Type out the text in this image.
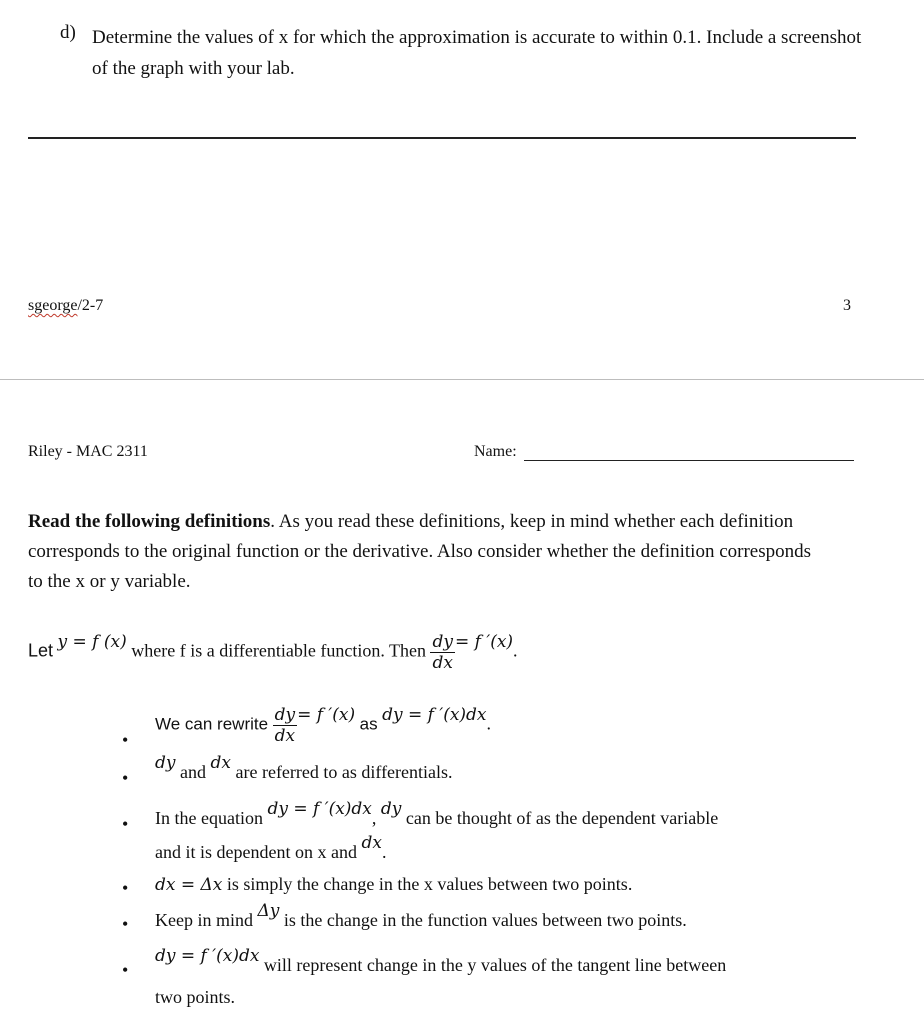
d) Determine the values of x for which the approximation is accurate to within 0.1. Include a screenshot of the graph with your lab.
sgeorge/2-7	3
Riley - MAC 2311	Name:
Read the following definitions. As you read these definitions, keep in mind whether each definition corresponds to the original function or the derivative. Also consider whether the definition corresponds to the x or y variable.
Let y = f (x) where f is a differentiable function. Then $\frac{dy}{dx} = f$ ′(x).
•
We can rewrite $\frac{dy}{dx} = f$ ′(x) as dy = f ′(x)dx.
•
dy and dx are referred to as differentials.
• In the equation dy = f ′(x)dx, dy can be thought of as the dependent variable
and it is dependent on x and dx.
• dx = Δx is simply the change in the x values between two points.
• Keep in mind Δy is the change in the function values between two points.
•
dy = f ′(x)dx will represent change in the y values of the tangent line between
two points.
